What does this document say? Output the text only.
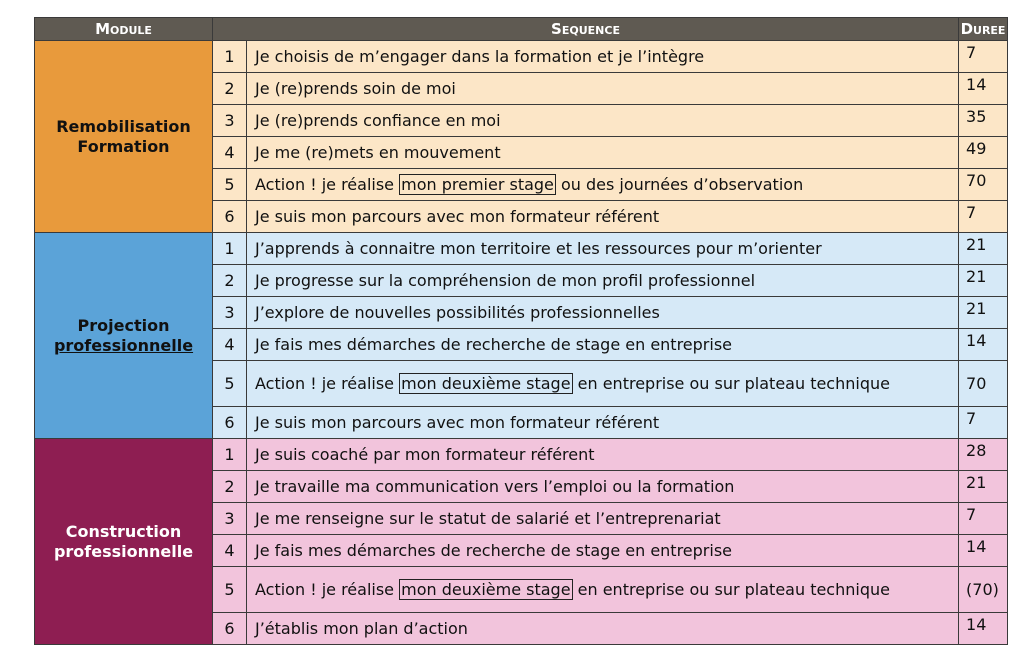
Module	Sequence		Duree

Remobilisation
Formation	1	Je choisis de m’engager dans la formation et je l’intègre	7
	2	Je (re)prends soin de moi	14
	3	Je (re)prends confiance en moi	35
	4	Je me (re)mets en mouvement	49
	5	Action ! je réalise mon premier stage ou des journées d’observation	70
	6	Je suis mon parcours avec mon formateur référent	7

Projection
professionnelle	1	J’apprends à connaitre mon territoire et les ressources pour m’orienter	21
	2	Je progresse sur la compréhension de mon profil professionnel	21
	3	J’explore de nouvelles possibilités professionnelles	21
	4	Je fais mes démarches de recherche de stage en entreprise	14
	5	Action ! je réalise mon deuxième stage en entreprise ou sur plateau technique	70
	6	Je suis mon parcours avec mon formateur référent	7

Construction
professionnelle	1	Je suis coaché par mon formateur référent	28
	2	Je travaille ma communication vers l’emploi ou la formation	21
	3	Je me renseigne sur le statut de salarié et l’entreprenariat	7
	4	Je fais mes démarches de recherche de stage en entreprise	14
	5	Action ! je réalise mon deuxième stage en entreprise ou sur plateau technique	(70)
	6	J’établis mon plan d’action	14
